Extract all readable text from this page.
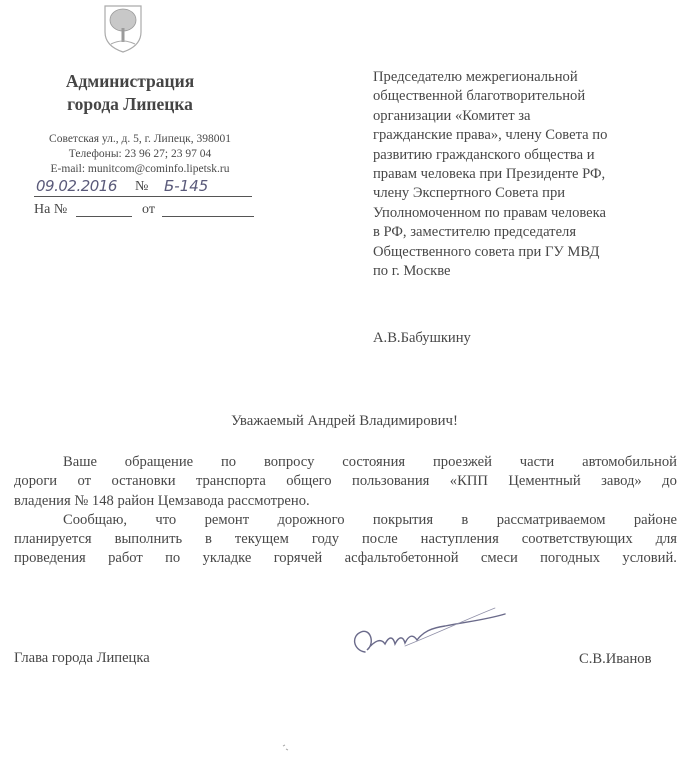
Администрация
города Липецка
Советская ул., д. 5, г. Липецк, 398001
Телефоны: 23 96 27; 23 97 04
E-mail: munitcom@cominfo.lipetsk.ru
09.02.2016 № Б-145
На №	от
Председателю межрегиональной
общественной благотворительной
организации «Комитет за
гражданские права», члену Совета по
развитию гражданского общества и
правам человека при Президенте РФ,
члену Экспертного Совета при
Уполномоченном по правам человека
в РФ, заместителю председателя
Общественного совета при ГУ МВД
по г. Москве
А.В.Бабушкину
Уважаемый Андрей Владимирович!
Ваше обращение по вопросу состояния проезжей части автомобильной
дороги от остановки транспорта общего пользования «КПП Цементный завод» до
владения № 148 район Цемзавода рассмотрено.
Сообщаю, что ремонт дорожного покрытия в рассматриваемом районе
планируется выполнить в текущем году после наступления соответствующих для
проведения работ по укладке горячей асфальтобетонной смеси погодных условий.
Глава города Липецка	С.В.Иванов
